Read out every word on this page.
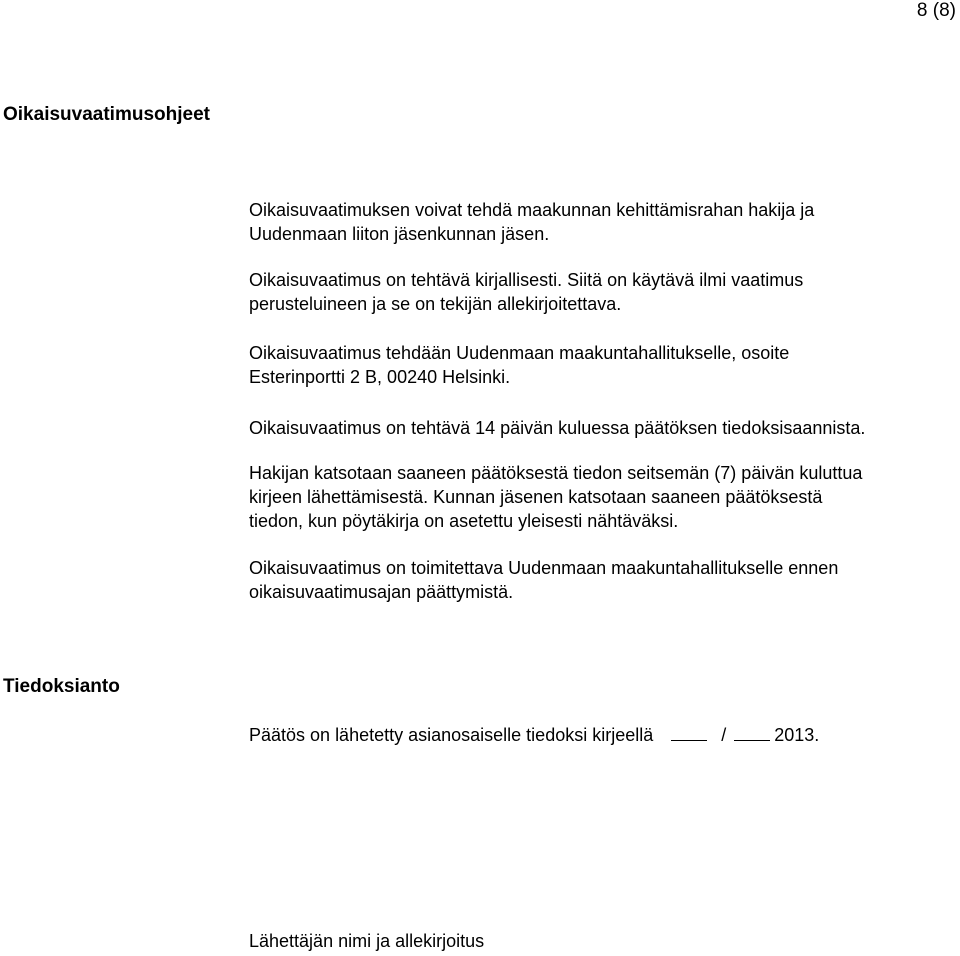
8 (8)
Oikaisuvaatimusohjeet
Oikaisuvaatimuksen voivat tehdä maakunnan kehittämisrahan hakija ja
Uudenmaan liiton jäsenkunnan jäsen.
Oikaisuvaatimus on tehtävä kirjallisesti. Siitä on käytävä ilmi vaatimus
perusteluineen ja se on tekijän allekirjoitettava.
Oikaisuvaatimus tehdään Uudenmaan maakuntahallitukselle, osoite
Esterinportti 2 B, 00240 Helsinki.
Oikaisuvaatimus on tehtävä 14 päivän kuluessa päätöksen tiedoksisaannista.
Hakijan katsotaan saaneen päätöksestä tiedon seitsemän (7) päivän kuluttua
kirjeen lähettämisestä. Kunnan jäsenen katsotaan saaneen päätöksestä
tiedon, kun pöytäkirja on asetettu yleisesti nähtäväksi.
Oikaisuvaatimus on toimitettava Uudenmaan maakuntahallitukselle ennen
oikaisuvaatimusajan päättymistä.
Tiedoksianto
Päätös on lähetetty asianosaiselle tiedoksi kirjeellä	/	2013.
Lähettäjän nimi ja allekirjoitus
